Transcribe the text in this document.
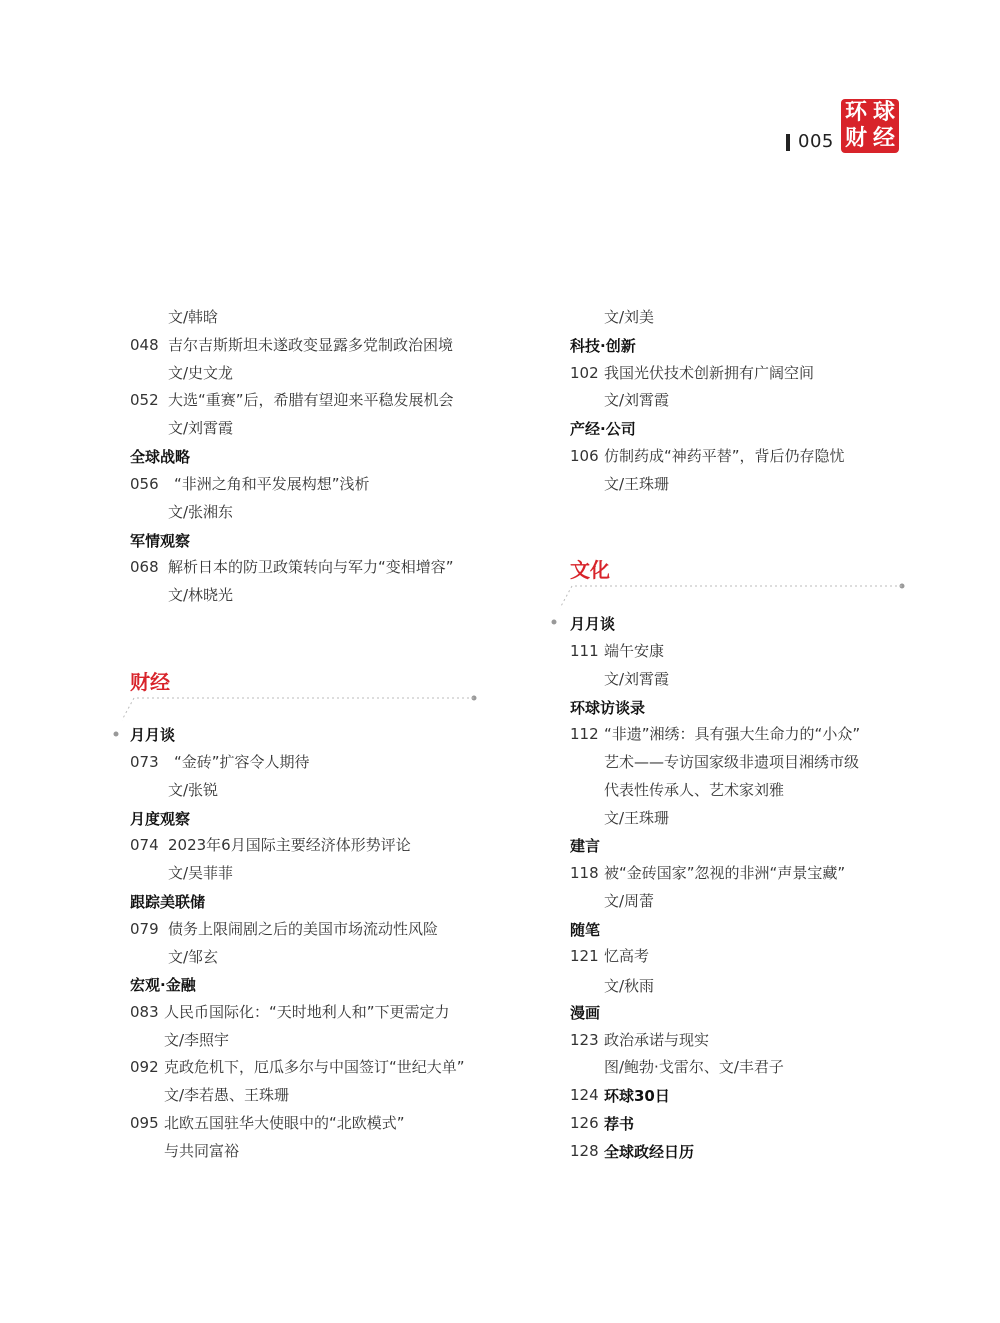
005
环 球
财 经
文/韩晗
048 吉尔吉斯斯坦未遂政变显露多党制政治困境
文/史文龙
052 大选“重赛”后，希腊有望迎来平稳发展机会
文/刘霄霞
全球战略
056 “非洲之角和平发展构想”浅析
文/张湘东
军情观察
068 解析日本的防卫政策转向与军力“变相增容”
文/林晓光
财经
月月谈
073 “金砖”扩容令人期待
文/张锐
月度观察
074 2023年6月国际主要经济体形势评论
文/吴菲菲
跟踪美联储
079 债务上限闹剧之后的美国市场流动性风险
文/邹玄
宏观·金融
083 人民币国际化：“天时地利人和”下更需定力
文/李照宇
092 克政危机下，厄瓜多尔与中国签订“世纪大单”
文/李若愚、王珠珊
095 北欧五国驻华大使眼中的“北欧模式”
与共同富裕
文/刘美
科技·创新
102 我国光伏技术创新拥有广阔空间
文/刘霄霞
产经·公司
106 仿制药成“神药平替”，背后仍存隐忧
文/王珠珊
文化
月月谈
111 端午安康
文/刘霄霞
环球访谈录
112 “非遗”湘绣：具有强大生命力的“小众”
艺术——专访国家级非遗项目湘绣市级
代表性传承人、艺术家刘雅
文/王珠珊
建言
118 被“金砖国家”忽视的非洲“声景宝藏”
文/周蕾
随笔
121 忆高考
文/秋雨
漫画
123 政治承诺与现实
图/鲍勃·戈雷尔、文/丰君子
124 环球30日
126 荐书
128 全球政经日历
